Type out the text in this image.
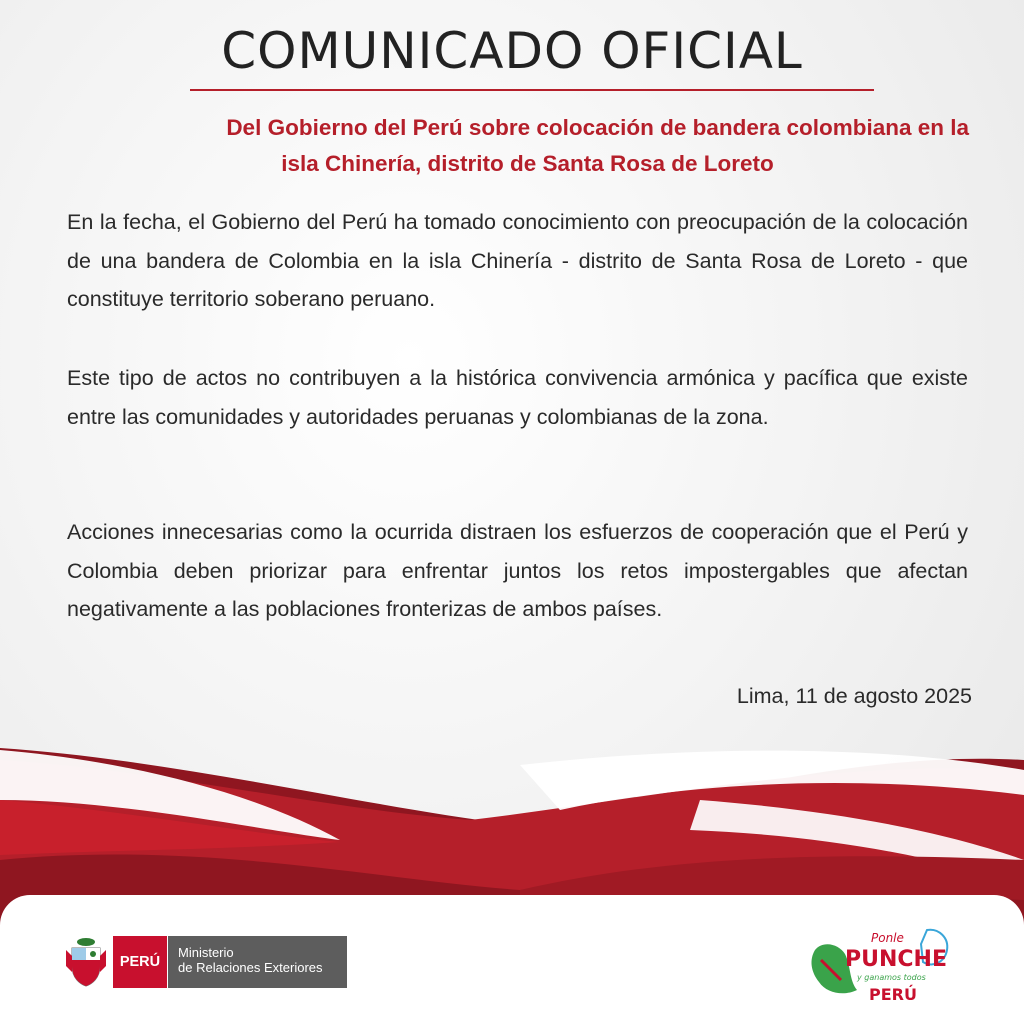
COMUNICADO OFICIAL
Del Gobierno del Perú sobre colocación de bandera colombiana en la
isla Chinería, distrito de Santa Rosa de Loreto
En la fecha, el Gobierno del Perú ha tomado conocimiento con preocupación de la colocación de una bandera de Colombia en la isla Chinería - distrito de Santa Rosa de Loreto - que constituye territorio soberano peruano.
Este tipo de actos no contribuyen a la histórica convivencia armónica y pacífica que existe entre las comunidades y autoridades peruanas y colombianas de la zona.
Acciones innecesarias como la ocurrida distraen los esfuerzos de cooperación que el Perú y Colombia deben priorizar para enfrentar juntos los retos impostergables que afectan negativamente a las poblaciones fronterizas de ambos países.
Lima, 11 de agosto 2025
PERÚ
Ministerio
de Relaciones Exteriores
Ponle
PUNCHE
y ganamos todos
PERÚ
